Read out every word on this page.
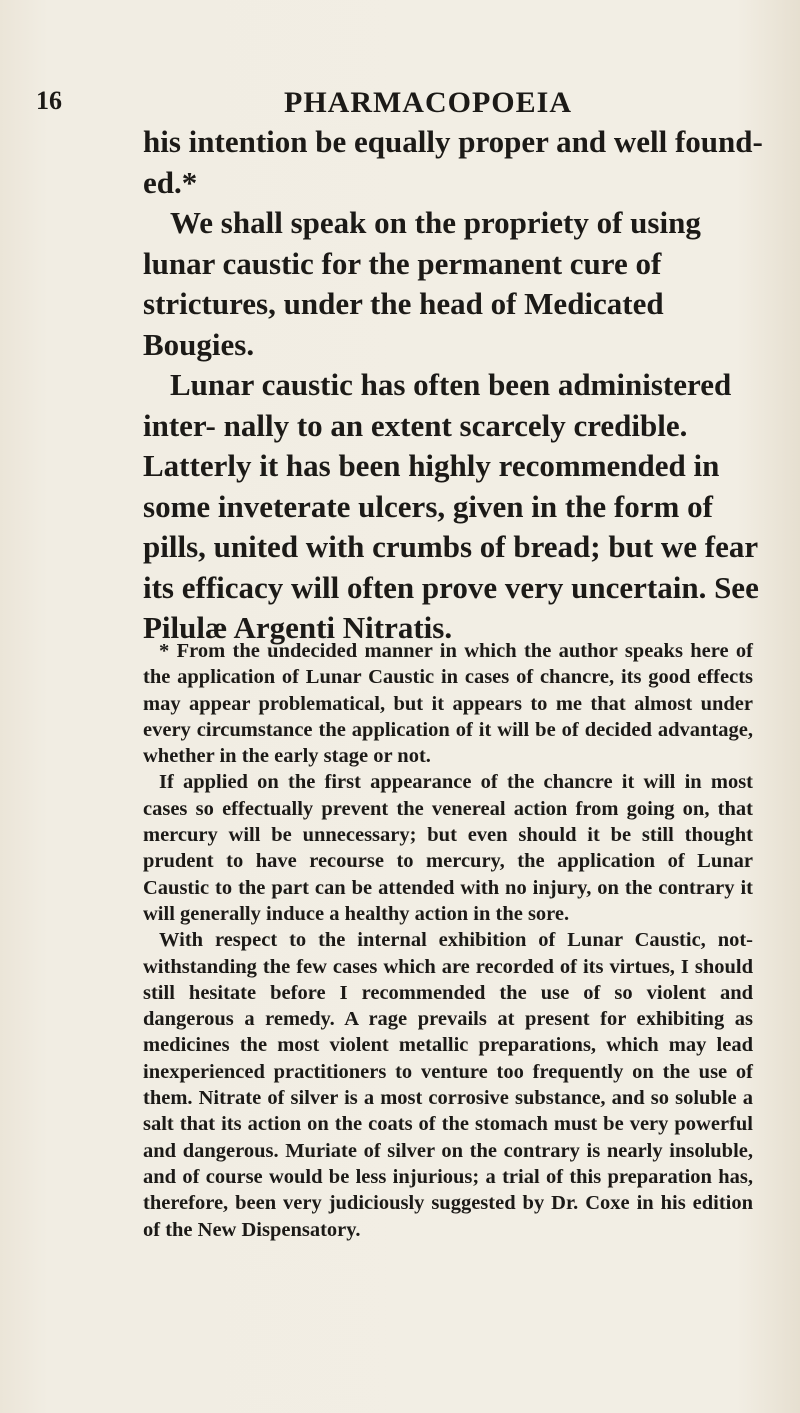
16	PHARMACOPOEIA

his intention be equally proper and well found- ed.*

We shall speak on the propriety of using lunar caustic for the permanent cure of strictures, under the head of Medicated Bougies.

Lunar caustic has often been administered inter- nally to an extent scarcely credible. Latterly it has been highly recommended in some inveterate ulcers, given in the form of pills, united with crumbs of bread; but we fear its efficacy will often prove very uncertain. See Pilulæ Argenti Nitratis.

* From the undecided manner in which the author speaks here of the application of Lunar Caustic in cases of chancre, its good effects may appear problematical, but it appears to me that almost under every circumstance the application of it will be of decided advantage, whether in the early stage or not.

If applied on the first appearance of the chancre it will in most cases so effectually prevent the venereal action from going on, that mercury will be unnecessary; but even should it be still thought prudent to have recourse to mercury, the application of Lunar Caustic to the part can be attended with no injury, on the contrary it will generally induce a healthy action in the sore.

With respect to the internal exhibition of Lunar Caustic, not- withstanding the few cases which are recorded of its virtues, I should still hesitate before I recommended the use of so violent and dangerous a remedy. A rage prevails at present for exhibiting as medicines the most violent metallic preparations, which may lead inexperienced practitioners to venture too frequently on the use of them. Nitrate of silver is a most corrosive substance, and so soluble a salt that its action on the coats of the stomach must be very powerful and dangerous. Muriate of silver on the contrary is nearly insoluble, and of course would be less injurious; a trial of this preparation has, therefore, been very judiciously suggested by Dr. Coxe in his edition of the New Dispensatory.
